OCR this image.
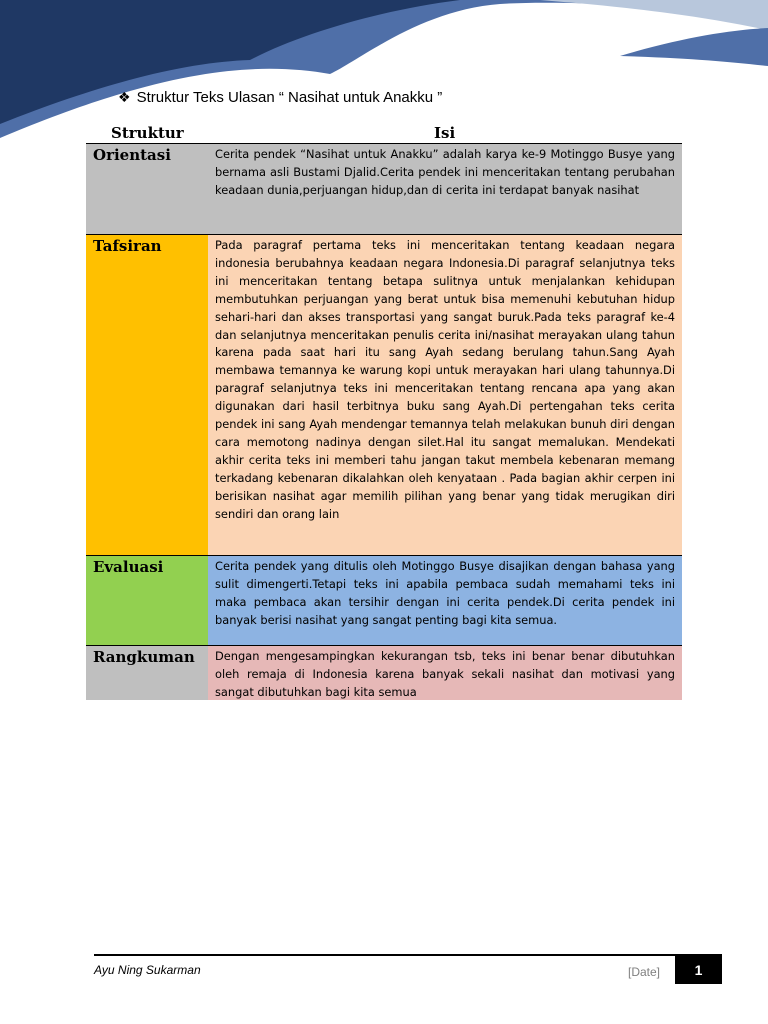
❖ Struktur Teks Ulasan “ Nasihat untuk Anakku ”
Struktur	Isi
Orientasi	Cerita pendek “Nasihat untuk Anakku” adalah karya ke-9 Motinggo Busye yang bernama asli Bustami Djalid.Cerita pendek ini menceritakan tentang perubahan keadaan dunia,perjuangan hidup,dan di cerita ini terdapat banyak nasihat
Tafsiran	Pada paragraf pertama teks ini menceritakan tentang keadaan negara indonesia berubahnya keadaan negara Indonesia.Di paragraf selanjutnya teks ini menceritakan tentang betapa sulitnya untuk menjalankan kehidupan membutuhkan perjuangan yang berat untuk bisa memenuhi kebutuhan hidup sehari-hari dan akses transportasi yang sangat buruk.Pada teks paragraf ke-4 dan selanjutnya menceritakan penulis cerita ini/nasihat merayakan ulang tahun karena pada saat hari itu sang Ayah sedang berulang tahun.Sang Ayah membawa temannya ke warung kopi untuk merayakan hari ulang tahunnya.Di paragraf selanjutnya teks ini menceritakan tentang rencana apa yang akan digunakan dari hasil terbitnya buku sang Ayah.Di pertengahan teks cerita pendek ini sang Ayah mendengar temannya telah melakukan bunuh diri dengan cara memotong nadinya dengan silet.Hal itu sangat memalukan. Mendekati akhir cerita teks ini memberi tahu jangan takut membela kebenaran memang terkadang kebenaran dikalahkan oleh kenyataan . Pada bagian akhir cerpen ini berisikan nasihat agar memilih pilihan yang benar yang tidak merugikan diri sendiri dan orang lain
Evaluasi	Cerita pendek yang ditulis oleh Motinggo Busye disajikan dengan bahasa yang sulit dimengerti.Tetapi teks ini apabila pembaca sudah memahami teks ini maka pembaca akan tersihir dengan ini cerita pendek.Di cerita pendek ini banyak berisi nasihat yang sangat penting bagi kita semua.
Rangkuman	Dengan mengesampingkan kekurangan tsb, teks ini benar benar dibutuhkan oleh remaja di Indonesia karena banyak sekali nasihat dan motivasi yang sangat dibutuhkan bagi kita semua
Ayu Ning Sukarman	[Date]	1
